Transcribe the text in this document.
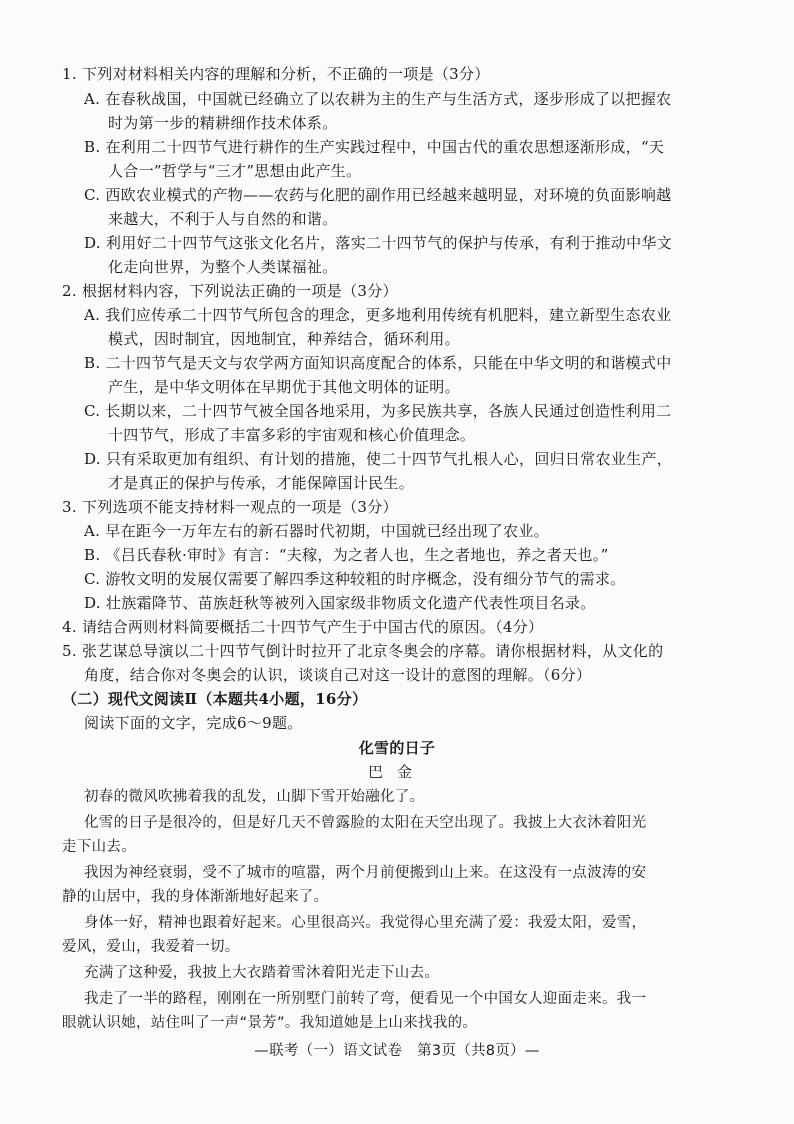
1. 下列对材料相关内容的理解和分析，不正确的一项是（3分）
A. 在春秋战国，中国就已经确立了以农耕为主的生产与生活方式，逐步形成了以把握农
时为第一步的精耕细作技术体系。
B. 在利用二十四节气进行耕作的生产实践过程中，中国古代的重农思想逐渐形成，“天
人合一”哲学与“三才”思想由此产生。
C. 西欧农业模式的产物——农药与化肥的副作用已经越来越明显，对环境的负面影响越
来越大，不利于人与自然的和谐。
D. 利用好二十四节气这张文化名片，落实二十四节气的保护与传承，有利于推动中华文
化走向世界，为整个人类谋福祉。
2. 根据材料内容，下列说法正确的一项是（3分）
A. 我们应传承二十四节气所包含的理念，更多地利用传统有机肥料，建立新型生态农业
模式，因时制宜，因地制宜，种养结合，循环利用。
B. 二十四节气是天文与农学两方面知识高度配合的体系，只能在中华文明的和谐模式中
产生，是中华文明体在早期优于其他文明体的证明。
C. 长期以来，二十四节气被全国各地采用，为多民族共享，各族人民通过创造性利用二
十四节气，形成了丰富多彩的宇宙观和核心价值理念。
D. 只有采取更加有组织、有计划的措施，使二十四节气扎根人心，回归日常农业生产，
才是真正的保护与传承，才能保障国计民生。
3. 下列选项不能支持材料一观点的一项是（3分）
A. 早在距今一万年左右的新石器时代初期，中国就已经出现了农业。
B. 《吕氏春秋·审时》有言：“夫稼，为之者人也，生之者地也，养之者天也。”
C. 游牧文明的发展仅需要了解四季这种较粗的时序概念，没有细分节气的需求。
D. 壮族霜降节、苗族赶秋等被列入国家级非物质文化遗产代表性项目名录。
4. 请结合两则材料简要概括二十四节气产生于中国古代的原因。（4分）
5. 张艺谋总导演以二十四节气倒计时拉开了北京冬奥会的序幕。请你根据材料，从文化的
角度，结合你对冬奥会的认识，谈谈自己对这一设计的意图的理解。（6分）
（二）现代文阅读Ⅱ（本题共4小题，16分）
阅读下面的文字，完成6～9题。
化雪的日子
巴金
初春的微风吹拂着我的乱发，山脚下雪开始融化了。
化雪的日子是很冷的，但是好几天不曾露脸的太阳在天空出现了。我披上大衣沐着阳光
走下山去。
我因为神经衰弱，受不了城市的喧嚣，两个月前便搬到山上来。在这没有一点波涛的安
静的山居中，我的身体渐渐地好起来了。
身体一好，精神也跟着好起来。心里很高兴。我觉得心里充满了爱：我爱太阳，爱雪，
爱风，爱山，我爱着一切。
充满了这种爱，我披上大衣踏着雪沐着阳光走下山去。
我走了一半的路程，刚刚在一所别墅门前转了弯，便看见一个中国女人迎面走来。我一
眼就认识她，站住叫了一声“景芳”。我知道她是上山来找我的。
—联考（一）语文试卷　第3页（共8页）—
